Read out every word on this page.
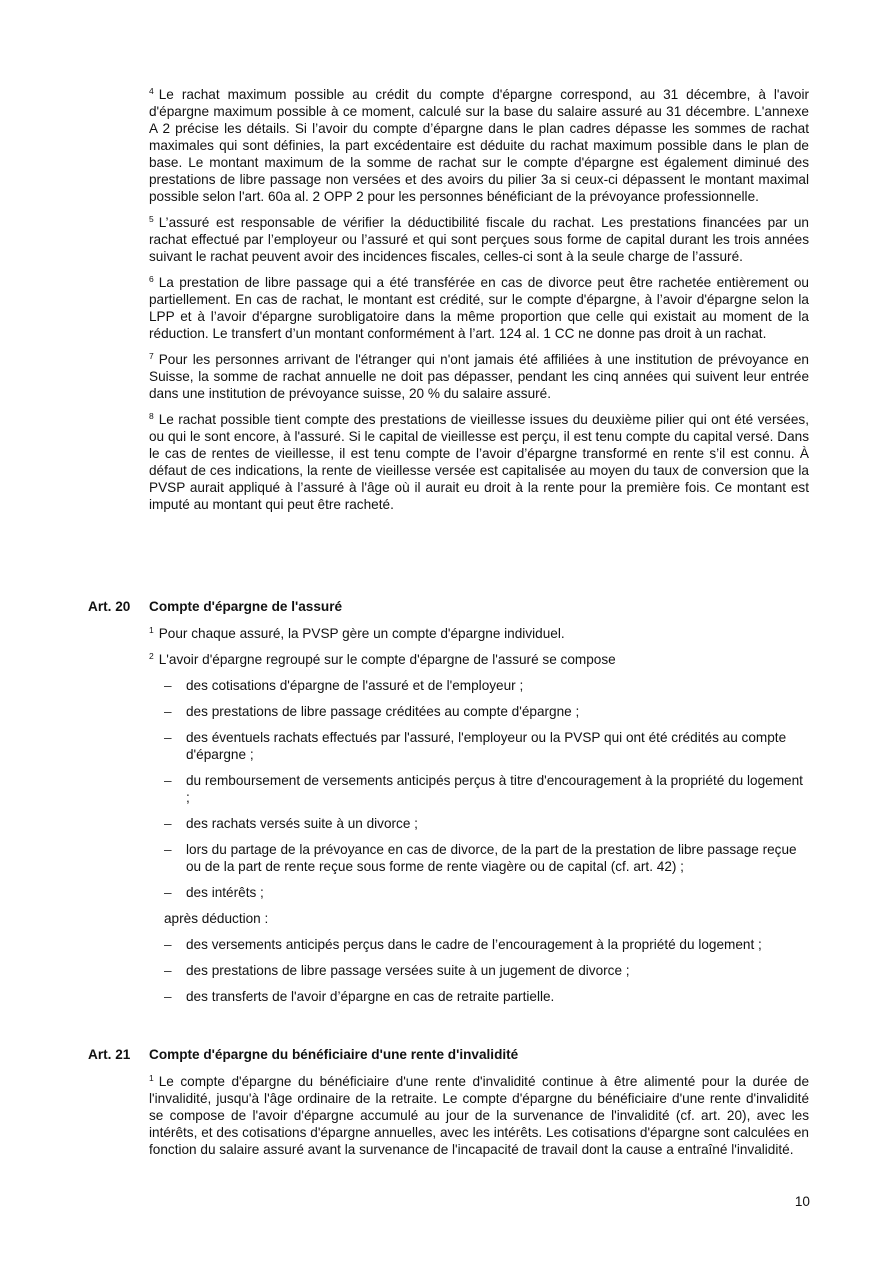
$^4$ Le rachat maximum possible au crédit du compte d'épargne correspond, au 31 décembre, à l'avoir d'épargne maximum possible à ce moment, calculé sur la base du salaire assuré au 31 décembre. L'annexe A 2 précise les détails. Si l’avoir du compte d’épargne dans le plan cadres dépasse les sommes de rachat maximales qui sont définies, la part excédentaire est déduite du rachat maximum possible dans le plan de base. Le montant maximum de la somme de rachat sur le compte d'épargne est également diminué des prestations de libre passage non versées et des avoirs du pilier 3a si ceux-ci dépassent le montant maximal possible selon l'art. 60a al. 2 OPP 2 pour les personnes bénéficiant de la prévoyance professionnelle.

$^5$ L’assuré est responsable de vérifier la déductibilité fiscale du rachat. Les prestations financées par un rachat effectué par l’employeur ou l’assuré et qui sont perçues sous forme de capital durant les trois années suivant le rachat peuvent avoir des incidences fiscales, celles-ci sont à la seule charge de l’assuré.

$^6$ La prestation de libre passage qui a été transférée en cas de divorce peut être rachetée entièrement ou partiellement. En cas de rachat, le montant est crédité, sur le compte d'épargne, à l’avoir d'épargne selon la LPP et à l’avoir d'épargne surobligatoire dans la même proportion que celle qui existait au moment de la réduction. Le transfert d’un montant conformément à l’art. 124 al. 1 CC ne donne pas droit à un rachat.

$^7$ Pour les personnes arrivant de l'étranger qui n'ont jamais été affiliées à une institution de prévoyance en Suisse, la somme de rachat annuelle ne doit pas dépasser, pendant les cinq années qui suivent leur entrée dans une institution de prévoyance suisse, 20 % du salaire assuré.

$^8$ Le rachat possible tient compte des prestations de vieillesse issues du deuxième pilier qui ont été versées, ou qui le sont encore, à l'assuré. Si le capital de vieillesse est perçu, il est tenu compte du capital versé. Dans le cas de rentes de vieillesse, il est tenu compte de l’avoir d’épargne transformé en rente s’il est connu. À défaut de ces indications, la rente de vieillesse versée est capitalisée au moyen du taux de conversion que la PVSP aurait appliqué à l’assuré à l'âge où il aurait eu droit à la rente pour la première fois. Ce montant est imputé au montant qui peut être racheté.

Art. 20 Compte d'épargne de l'assuré

$^1$ Pour chaque assuré, la PVSP gère un compte d'épargne individuel.

$^2$ L'avoir d'épargne regroupé sur le compte d'épargne de l'assuré se compose

– des cotisations d'épargne de l'assuré et de l'employeur ;
– des prestations de libre passage créditées au compte d'épargne ;
– des éventuels rachats effectués par l'assuré, l'employeur ou la PVSP qui ont été crédités au compte d'épargne ;
– du remboursement de versements anticipés perçus à titre d'encouragement à la propriété du logement ;
– des rachats versés suite à un divorce ;
– lors du partage de la prévoyance en cas de divorce, de la part de la prestation de libre passage reçue ou de la part de rente reçue sous forme de rente viagère ou de capital (cf. art. 42) ;
– des intérêts ;

après déduction :

– des versements anticipés perçus dans le cadre de l’encouragement à la propriété du logement ;
– des prestations de libre passage versées suite à un jugement de divorce ;
– des transferts de l'avoir d’épargne en cas de retraite partielle.
Art. 21 Compte d'épargne du bénéficiaire d'une rente d'invalidité

$^1$ Le compte d'épargne du bénéficiaire d'une rente d'invalidité continue à être alimenté pour la durée de l'invalidité, jusqu'à l'âge ordinaire de la retraite. Le compte d'épargne du bénéficiaire d'une rente d'invalidité se compose de l'avoir d'épargne accumulé au jour de la survenance de l'invalidité (cf. art. 20), avec les intérêts, et des cotisations d'épargne annuelles, avec les intérêts. Les cotisations d'épargne sont calculées en fonction du salaire assuré avant la survenance de l'incapacité de travail dont la cause a entraîné l'invalidité.

10
